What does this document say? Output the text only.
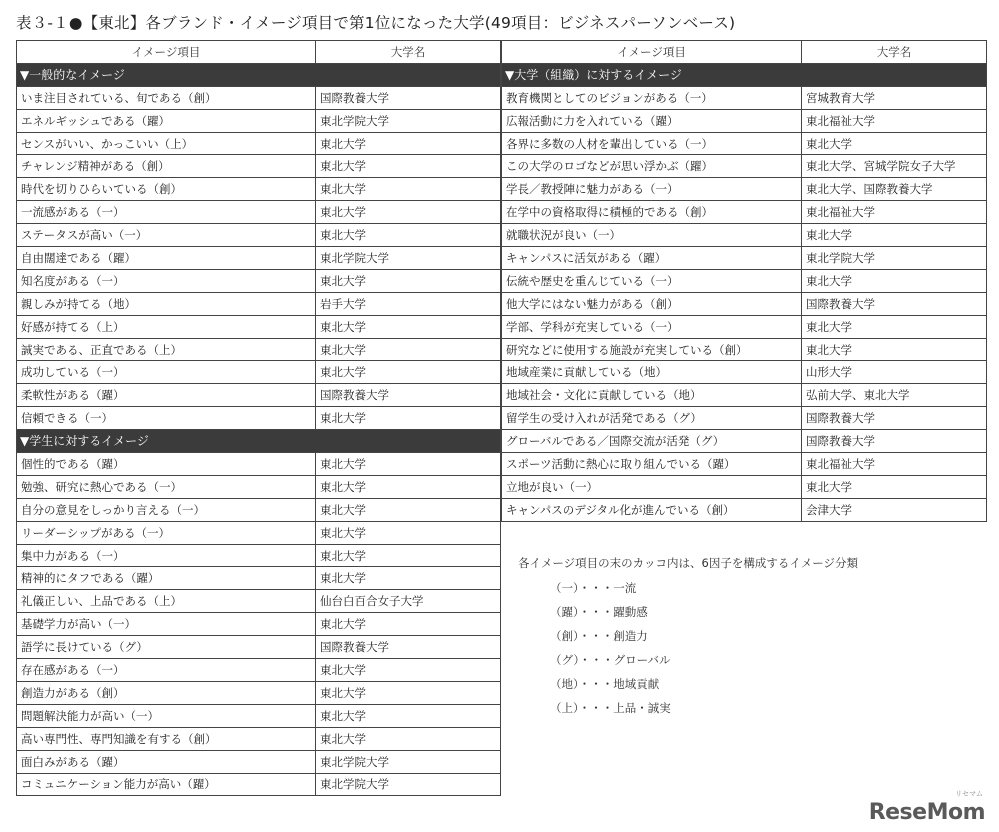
表３-１●【東北】各ブランド・イメージ項目で第1位になった大学(49項目：ビジネスパーソンベース)
イメージ項目	大学名
▼一般的なイメージ	
いま注目されている、旬である（創）	国際教養大学
エネルギッシュである（躍）	東北学院大学
センスがいい、かっこいい（上）	東北大学
チャレンジ精神がある（創）	東北大学
時代を切りひらいている（創）	東北大学
一流感がある（一）	東北大学
ステータスが高い（一）	東北大学
自由闊達である（躍）	東北学院大学
知名度がある（一）	東北大学
親しみが持てる（地）	岩手大学
好感が持てる（上）	東北大学
誠実である、正直である（上）	東北大学
成功している（一）	東北大学
柔軟性がある（躍）	国際教養大学
信頼できる（一）	東北大学
▼学生に対するイメージ	
個性的である（躍）	東北大学
勉強、研究に熱心である（一）	東北大学
自分の意見をしっかり言える（一）	東北大学
リーダーシップがある（一）	東北大学
集中力がある（一）	東北大学
精神的にタフである（躍）	東北大学
礼儀正しい、上品である（上）	仙台白百合女子大学
基礎学力が高い（一）	東北大学
語学に長けている（グ）	国際教養大学
存在感がある（一）	東北大学
創造力がある（創）	東北大学
問題解決能力が高い（一）	東北大学
高い専門性、専門知識を有する（創）	東北大学
面白みがある（躍）	東北学院大学
コミュニケーション能力が高い（躍）	東北学院大学
イメージ項目	大学名
▼大学（組織）に対するイメージ	
教育機関としてのビジョンがある（一）	宮城教育大学
広報活動に力を入れている（躍）	東北福祉大学
各界に多数の人材を輩出している（一）	東北大学
この大学のロゴなどが思い浮かぶ（躍）	東北大学、宮城学院女子大学
学長／教授陣に魅力がある（一）	東北大学、国際教養大学
在学中の資格取得に積極的である（創）	東北福祉大学
就職状況が良い（一）	東北大学
キャンパスに活気がある（躍）	東北学院大学
伝統や歴史を重んじている（一）	東北大学
他大学にはない魅力がある（創）	国際教養大学
学部、学科が充実している（一）	東北大学
研究などに使用する施設が充実している（創）	東北大学
地域産業に貢献している（地）	山形大学
地域社会・文化に貢献している（地）	弘前大学、東北大学
留学生の受け入れが活発である（グ）	国際教養大学
グローバルである／国際交流が活発（グ）	国際教養大学
スポーツ活動に熱心に取り組んでいる（躍）	東北福祉大学
立地が良い（一）	東北大学
キャンパスのデジタル化が進んでいる（創）	会津大学
各イメージ項目の末のカッコ内は、6因子を構成するイメージ分類
（一）・・・一流
（躍）・・・躍動感
（創）・・・創造力
（グ）・・・グローバル
（地）・・・地域貢献
（上）・・・上品・誠実
リセマム
ReseMom
